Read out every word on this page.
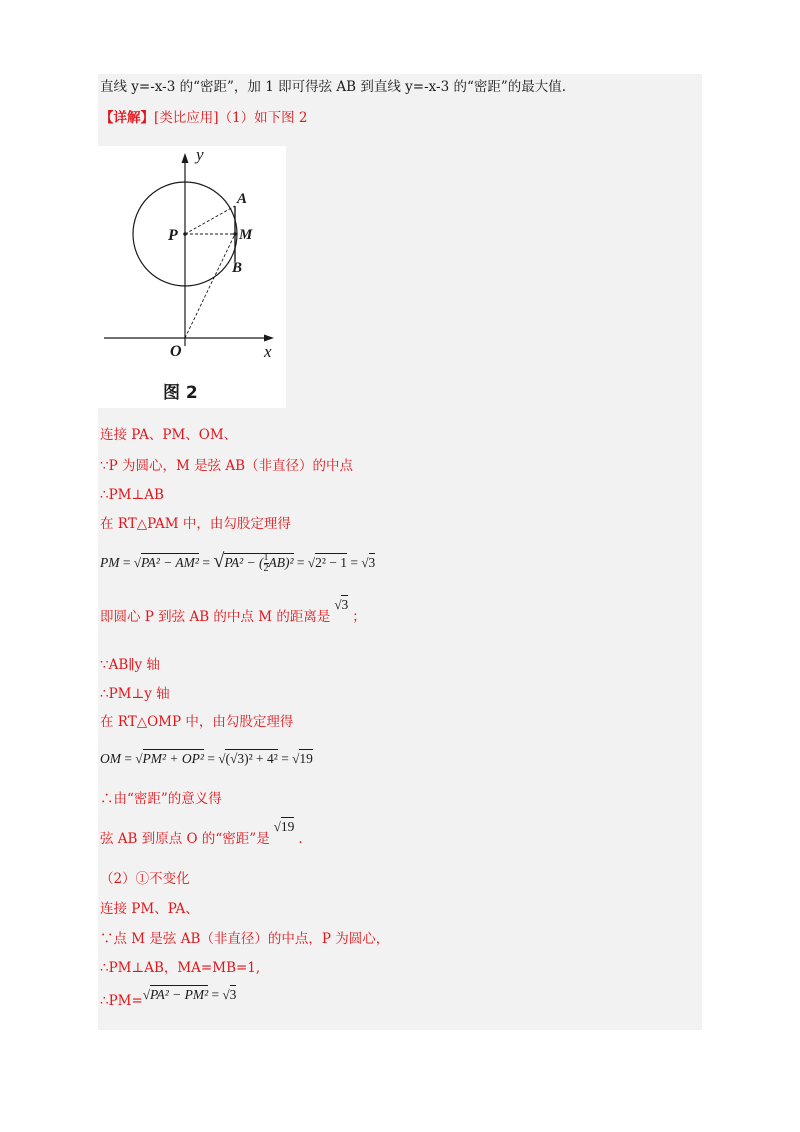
直线 y=-x-3 的“密距”，加 1 即可得弦 AB 到直线 y=-x-3 的“密距”的最大值.
【详解】[类比应用]（1）如下图 2
y
x
O
P
A
M
B
图 2
连接 PA、PM、OM、
∵P 为圆心，M 是弦 AB（非直径）的中点
∴PM⊥AB
在 RT△PAM 中，由勾股定理得
PM = √PA² − AM² = √PA² − ( $\frac{1}{2} AB)^2 = √2^2 - 1 = √3$
即圆心 P 到弦 AB 的中点 M 的距离是√3；
∵AB∥y 轴
∴PM⊥y 轴
在 RT△OMP 中，由勾股定理得
OM = √PM² + OP² = √(√3)² + 4² = √19
∴由“密距”的意义得
弦 AB 到原点 O 的“密距”是√19.
（2）①不变化
连接 PM、PA、
∵点 M 是弦 AB（非直径）的中点，P 为圆心，
∴PM⊥AB，MA=MB=1,
∴PM=√PA² − PM² = √3
